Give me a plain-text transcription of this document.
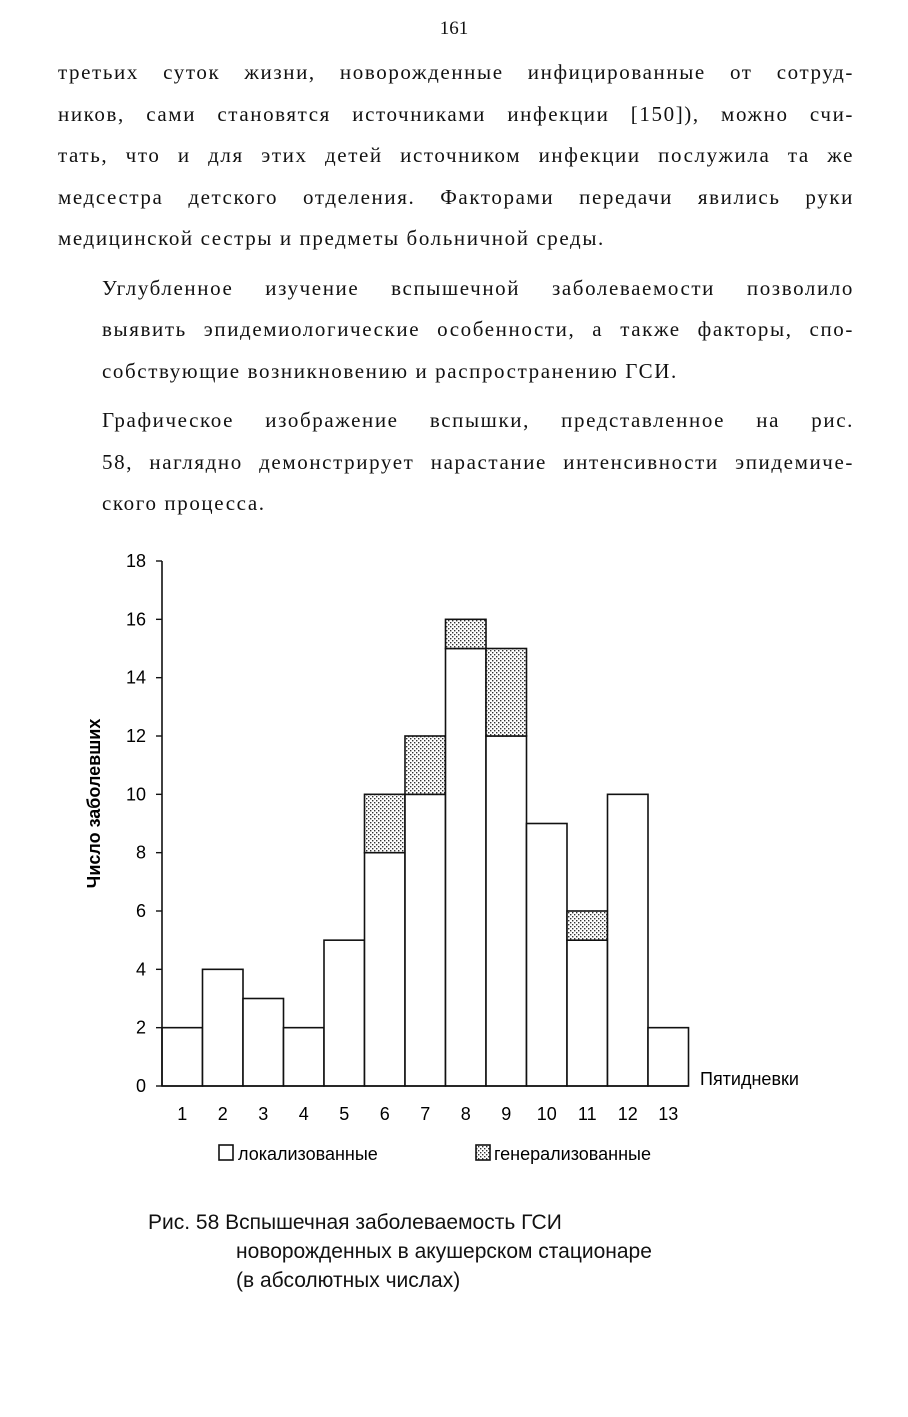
161

третьих суток жизни, новорожденные инфицированные от сотруд-
ников, сами становятся источниками инфекции [150]), можно счи-
тать, что и для этих детей источником инфекции послужила та же
медсестра детского отделения. Факторами передачи явились руки
медицинской сестры и предметы больничной среды.

Углубленное изучение вспышечной заболеваемости позволило
выявить эпидемиологические особенности, а также факторы, спо-
собствующие возникновению и распространению ГСИ.

Графическое изображение вспышки, представленное на рис.
58, наглядно демонстрирует нарастание интенсивности эпидемиче-
ского процесса.

1 2 3 4 5 6 7 8 9 10 11 12 13
0
2
4
6
8
10
12
14
16
18
Число заболевших
Пятидневки
локализованные	генерализованные
Рис. 58 Вспышечная заболеваемость ГСИ
новорожденных в акушерском стационаре
(в абсолютных числах)
